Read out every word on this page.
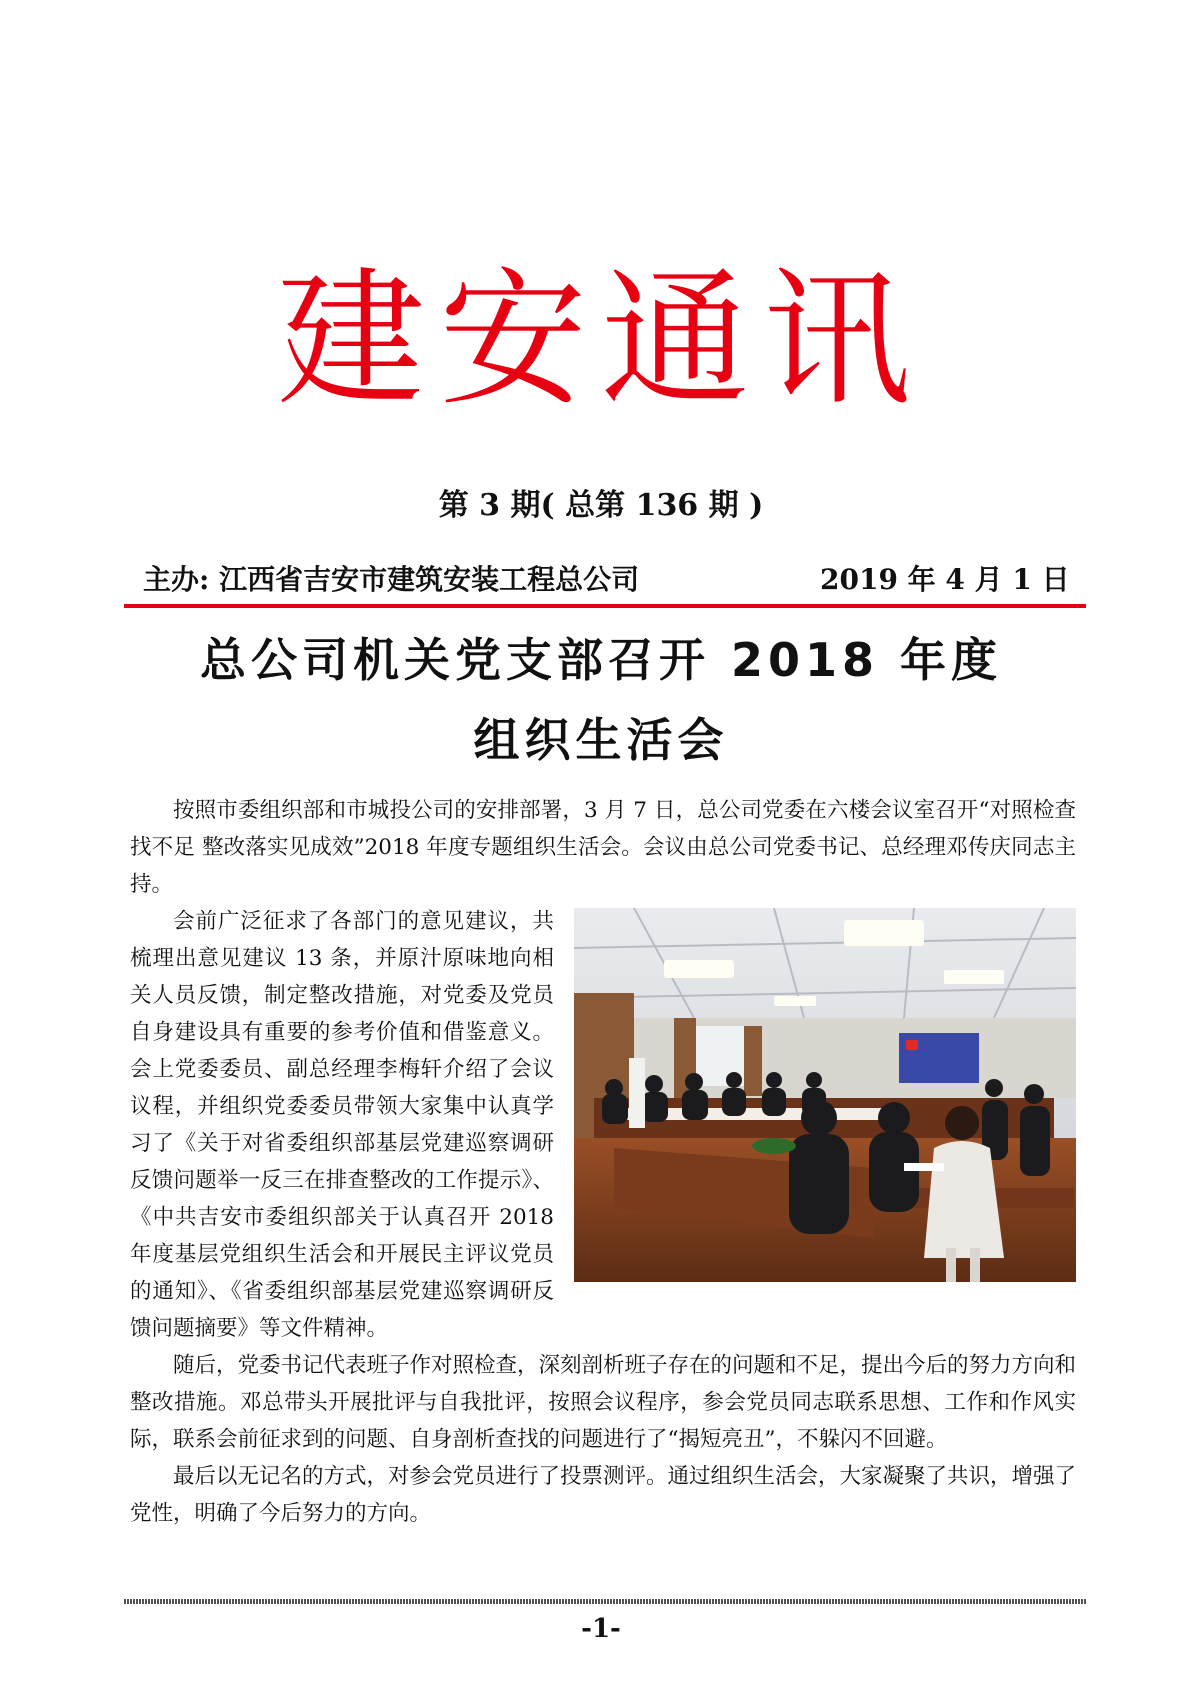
建安通讯
第 3 期( 总第 136 期 )
主办: 江西省吉安市建筑安装工程总公司	2019 年 4 月 1 日
总公司机关党支部召开 2018 年度
组织生活会

按照市委组织部和市城投公司的安排部署，3 月 7 日，总公司党委在六楼会议室召开“对照检查找不足 整改落实见成效”2018 年度专题组织生活会。会议由总公司党委书记、总经理邓传庆同志主持。

会前广泛征求了各部门的意见建议，共梳理出意见建议 13 条，并原汁原味地向相关人员反馈，制定整改措施，对党委及党员自身建设具有重要的参考价值和借鉴意义。会上党委委员、副总经理李梅轩介绍了会议议程，并组织党委委员带领大家集中认真学习了《关于对省委组织部基层党建巡察调研反馈问题举一反三在排查整改的工作提示》、《中共吉安市委组织部关于认真召开 2018 年度基层党组织生活会和开展民主评议党员的通知》、《省委组织部基层党建巡察调研反馈问题摘要》等文件精神。

随后，党委书记代表班子作对照检查，深刻剖析班子存在的问题和不足，提出今后的努力方向和整改措施。邓总带头开展批评与自我批评，按照会议程序，参会党员同志联系思想、工作和作风实际，联系会前征求到的问题、自身剖析查找的问题进行了“揭短亮丑”，不躲闪不回避。

最后以无记名的方式，对参会党员进行了投票测评。通过组织生活会，大家凝聚了共识，增强了党性，明确了今后努力的方向。

-1-
